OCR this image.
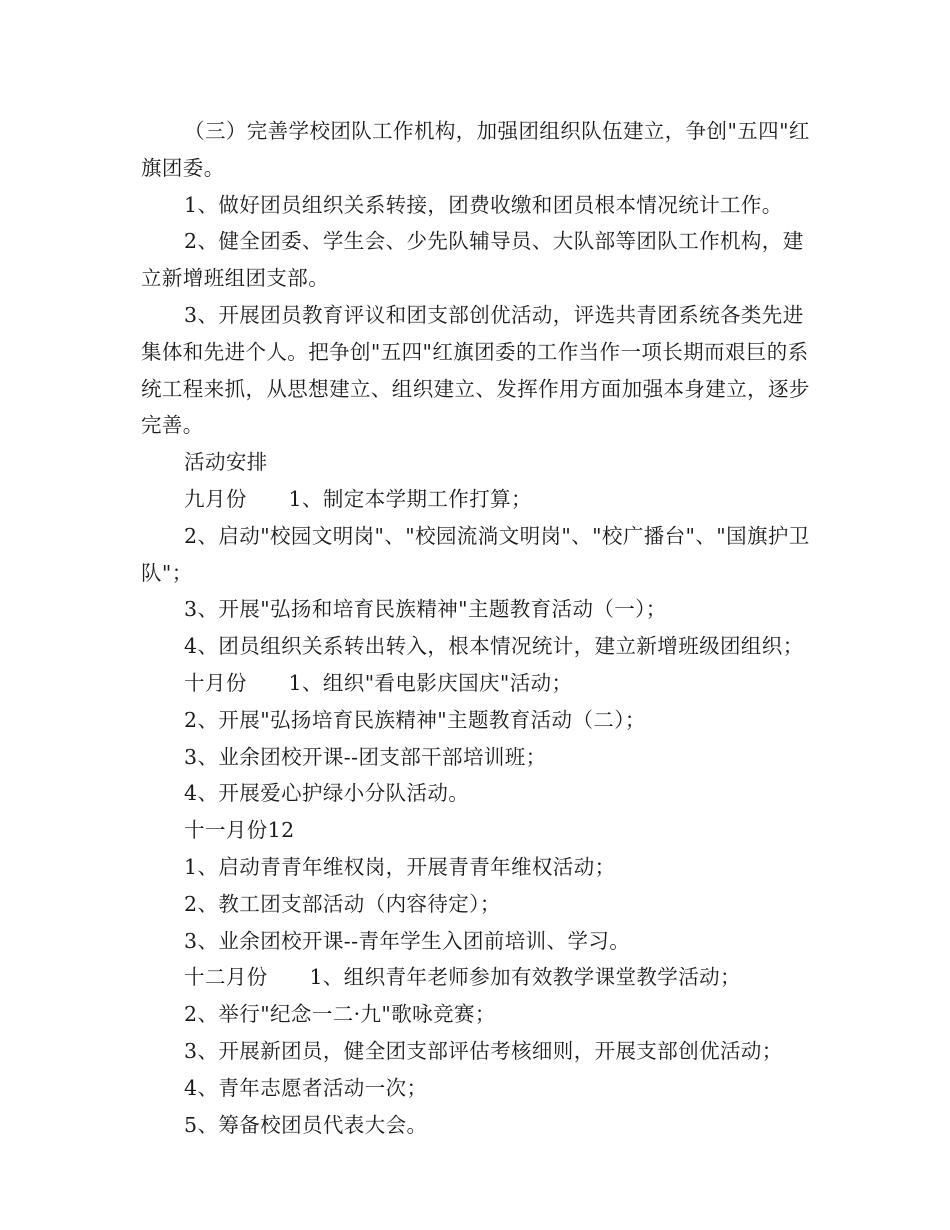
（三）完善学校团队工作机构，加强团组织队伍建立，争创"五四"红旗团委。

1、做好团员组织关系转接，团费收缴和团员根本情况统计工作。

2、健全团委、学生会、少先队辅导员、大队部等团队工作机构，建立新增班组团支部。

3、开展团员教育评议和团支部创优活动，评选共青团系统各类先进集体和先进个人。把争创"五四"红旗团委的工作当作一项长期而艰巨的系统工程来抓，从思想建立、组织建立、发挥作用方面加强本身建立，逐步完善。

活动安排

九月份　　1、制定本学期工作打算；

2、启动"校园文明岗"、"校园流淌文明岗"、"校广播台"、"国旗护卫队"；

3、开展"弘扬和培育民族精神"主题教育活动（一）；

4、团员组织关系转出转入，根本情况统计，建立新增班级团组织；

十月份　　1、组织"看电影庆国庆"活动；

2、开展"弘扬培育民族精神"主题教育活动（二）；

3、业余团校开课--团支部干部培训班；

4、开展爱心护绿小分队活动。

十一月份12

1、启动青青年维权岗，开展青青年维权活动；

2、教工团支部活动（内容待定）；

3、业余团校开课--青年学生入团前培训、学习。

十二月份　　1、组织青年老师参加有效教学课堂教学活动；

2、举行"纪念一二·九"歌咏竞赛；

3、开展新团员，健全团支部评估考核细则，开展支部创优活动；

4、青年志愿者活动一次；

5、筹备校团员代表大会。
